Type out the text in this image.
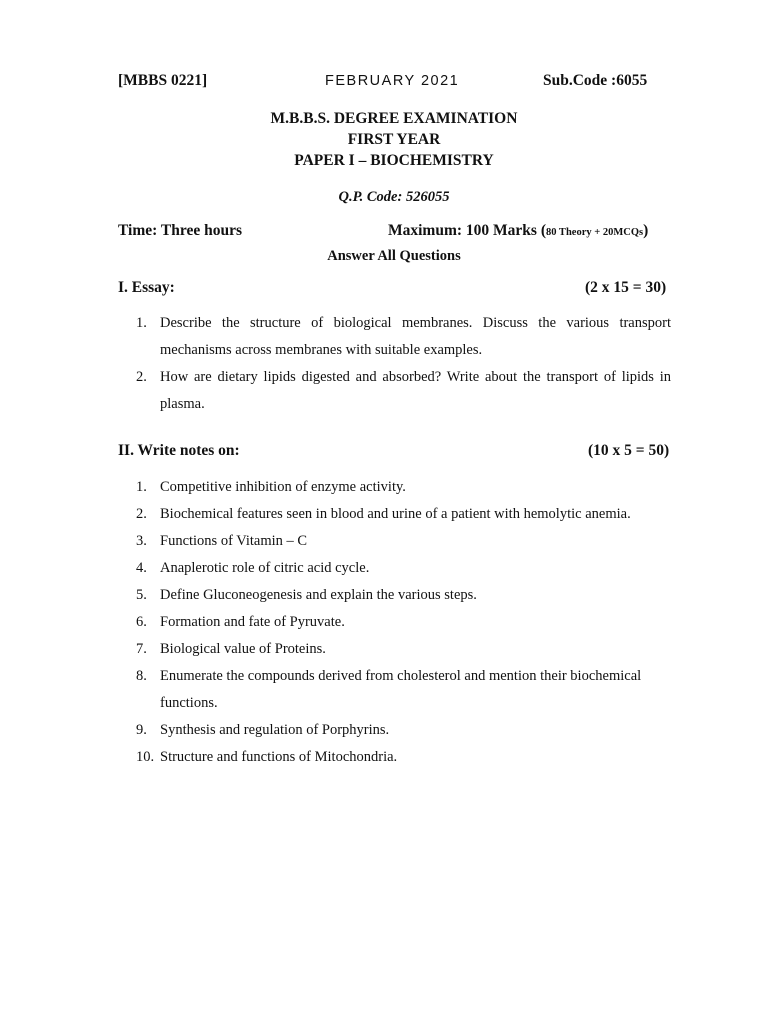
[MBBS 0221]	FEBRUARY 2021	Sub.Code :6055
M.B.B.S. DEGREE EXAMINATION
FIRST YEAR
PAPER I – BIOCHEMISTRY
Q.P. Code: 526055
Time: Three hours	Maximum: 100 Marks (80 Theory + 20MCQs)
Answer All Questions
I. Essay:	(2 x 15 = 30)
1. Describe the structure of biological membranes. Discuss the various transport mechanisms across membranes with suitable examples.
2. How are dietary lipids digested and absorbed? Write about the transport of lipids in plasma.
II. Write notes on:	(10 x 5 = 50)
1. Competitive inhibition of enzyme activity.
2. Biochemical features seen in blood and urine of a patient with hemolytic anemia.
3. Functions of Vitamin – C
4. Anaplerotic role of citric acid cycle.
5. Define Gluconeogenesis and explain the various steps.
6. Formation and fate of Pyruvate.
7. Biological value of Proteins.
8. Enumerate the compounds derived from cholesterol and mention their biochemical functions.
9. Synthesis and regulation of Porphyrins.
10. Structure and functions of Mitochondria.
